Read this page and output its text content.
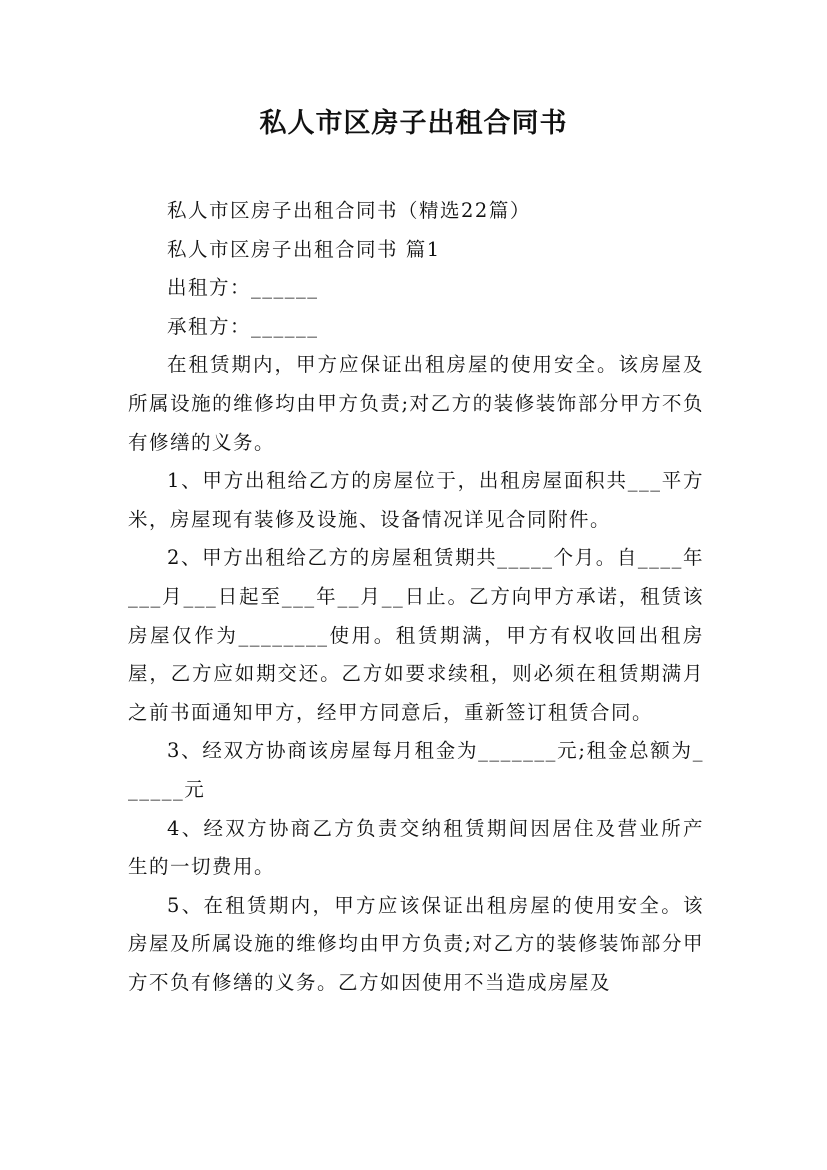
私人市区房子出租合同书

私人市区房子出租合同书（精选22篇）

私人市区房子出租合同书 篇1

出租方：______

承租方：______

在租赁期内，甲方应保证出租房屋的使用安全。该房屋及所属设施的维修均由甲方负责;对乙方的装修装饰部分甲方不负有修缮的义务。

1、甲方出租给乙方的房屋位于，出租房屋面积共___平方米，房屋现有装修及设施、设备情况详见合同附件。

2、甲方出租给乙方的房屋租赁期共_____个月。自____年___月___日起至___年__月__日止。乙方向甲方承诺，租赁该房屋仅作为________使用。租赁期满，甲方有权收回出租房屋，乙方应如期交还。乙方如要求续租，则必须在租赁期满月之前书面通知甲方，经甲方同意后，重新签订租赁合同。

3、经双方协商该房屋每月租金为_______元;租金总额为______元

4、经双方协商乙方负责交纳租赁期间因居住及营业所产生的一切费用。

5、在租赁期内，甲方应该保证出租房屋的使用安全。该房屋及所属设施的维修均由甲方负责;对乙方的装修装饰部分甲方不负有修缮的义务。乙方如因使用不当造成房屋及
